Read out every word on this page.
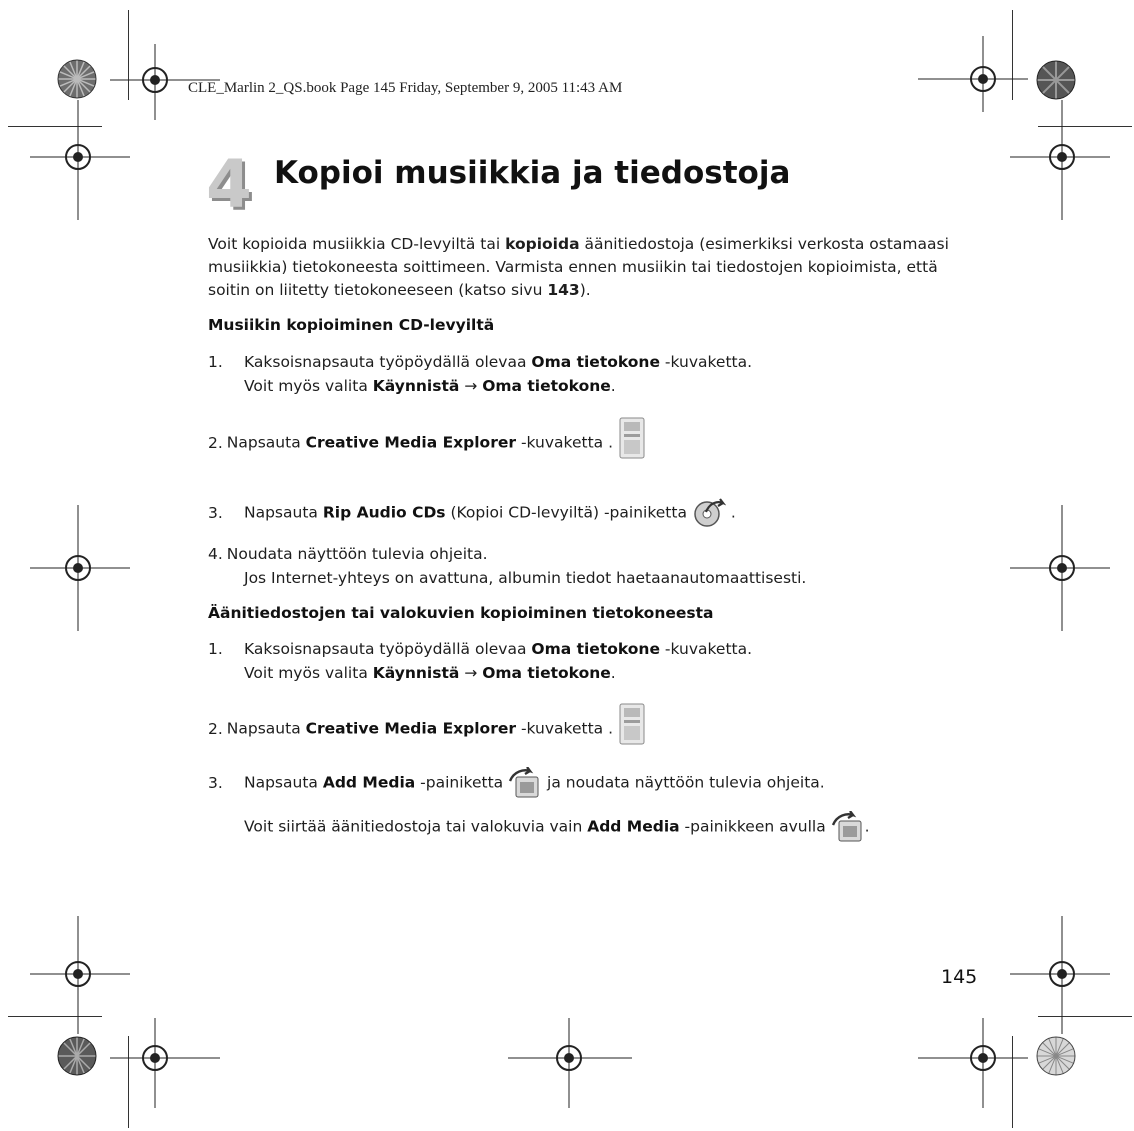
CLE_Marlin 2_QS.book Page 145 Friday, September 9, 2005 11:43 AM
4 Kopioi musiikkia ja tiedostoja
Voit kopioida musiikkia CD-levyiltä tai kopioida äänitiedostoja (esimerkiksi verkosta ostamaasi musiikkia) tietokoneesta soittimeen. Varmista ennen musiikin tai tiedostojen kopioimista, että soitin on liitetty tietokoneeseen (katso sivu 143).
Musiikin kopioiminen CD-levyiltä
1. Kaksoisnapsauta työpöydällä olevaa Oma tietokone -kuvaketta.
Voit myös valita Käynnistä → Oma tietokone.
2. Napsauta Creative Media Explorer -kuvaketta .
3. Napsauta Rip Audio CDs (Kopioi CD-levyiltä) -painiketta	.
4. Noudata näyttöön tulevia ohjeita.
Jos Internet-yhteys on avattuna, albumin tiedot haetaanautomaattisesti.
Äänitiedostojen tai valokuvien kopioiminen tietokoneesta
1. Kaksoisnapsauta työpöydällä olevaa Oma tietokone -kuvaketta.
Voit myös valita Käynnistä → Oma tietokone.
2. Napsauta Creative Media Explorer -kuvaketta .
3. Napsauta Add Media -painiketta	ja noudata näyttöön tulevia ohjeita.
Voit siirtää äänitiedostoja tai valokuvia vain Add Media -painikkeen avulla	.
145
